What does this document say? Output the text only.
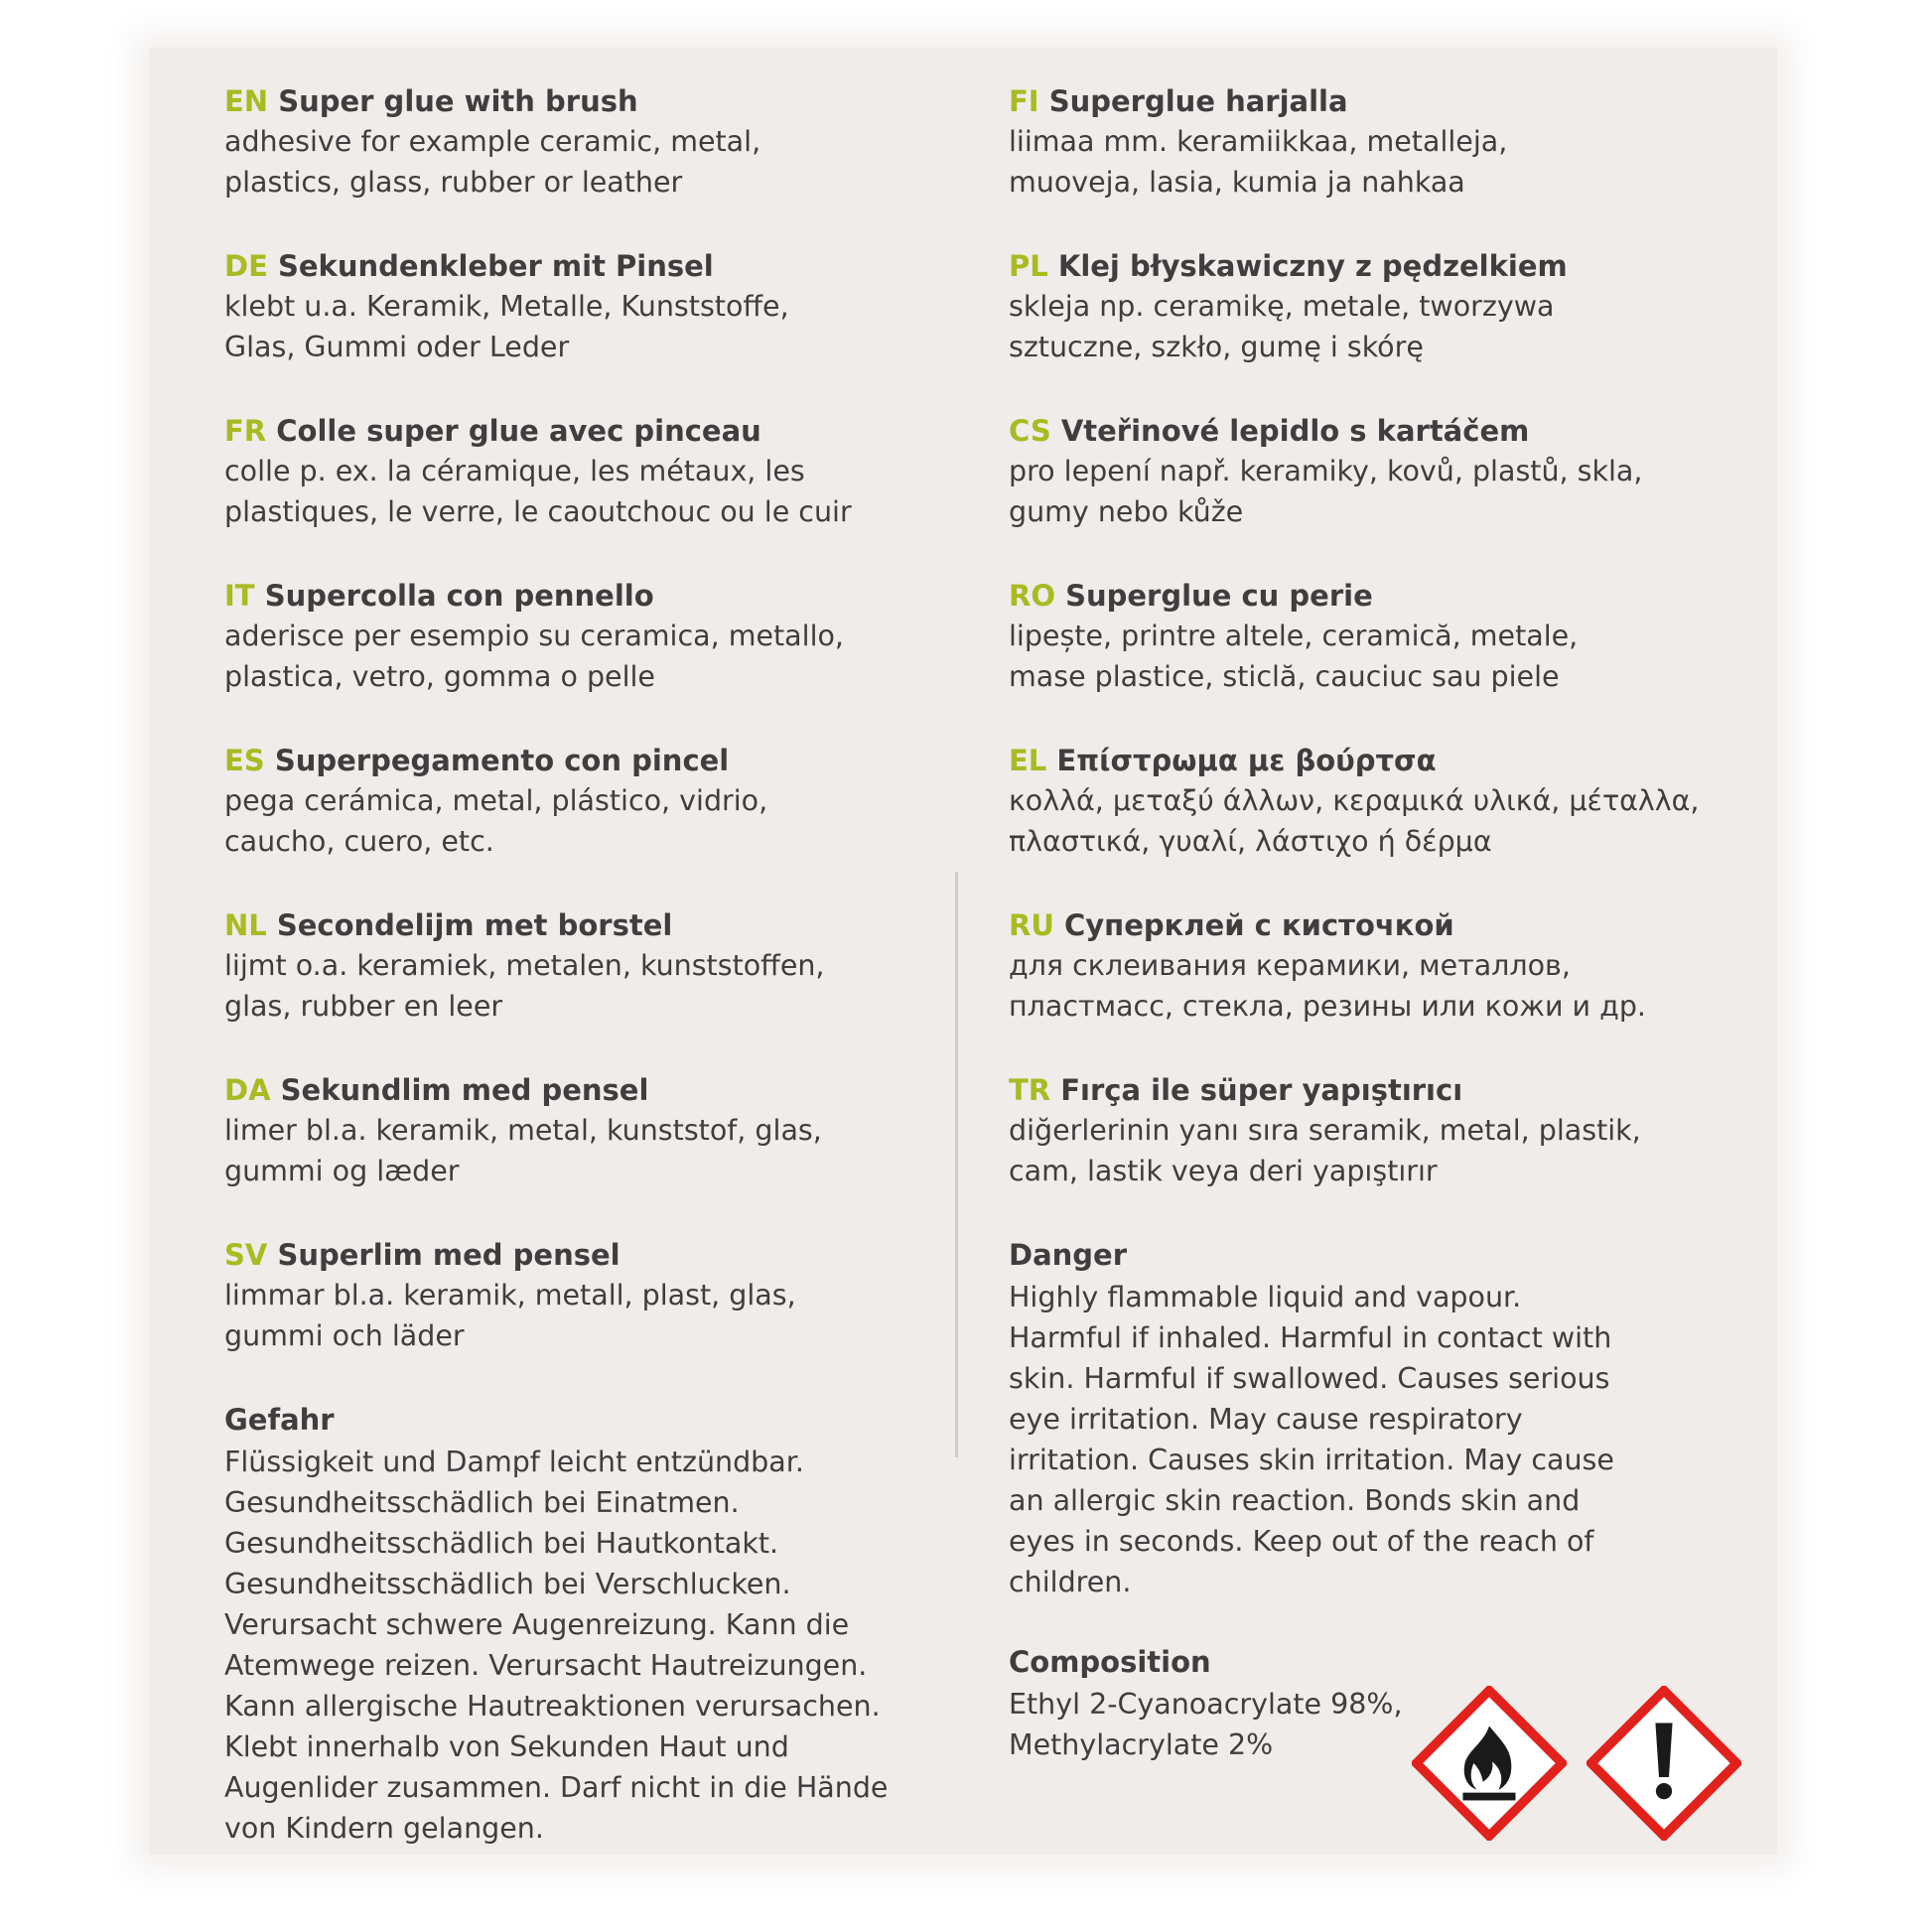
EN Super glue with brush
adhesive for example ceramic, metal,
plastics, glass, rubber or leather
DE Sekundenkleber mit Pinsel
klebt u.a. Keramik, Metalle, Kunststoffe,
Glas, Gummi oder Leder
FR Colle super glue avec pinceau
colle p. ex. la céramique, les métaux, les
plastiques, le verre, le caoutchouc ou le cuir
IT Supercolla con pennello
aderisce per esempio su ceramica, metallo,
plastica, vetro, gomma o pelle
ES Superpegamento con pincel
pega cerámica, metal, plástico, vidrio,
caucho, cuero, etc.
NL Secondelijm met borstel
lijmt o.a. keramiek, metalen, kunststoffen,
glas, rubber en leer
DA Sekundlim med pensel
limer bl.a. keramik, metal, kunststof, glas,
gummi og læder
SV Superlim med pensel
limmar bl.a. keramik, metall, plast, glas,
gummi och läder
Gefahr
Flüssigkeit und Dampf leicht entzündbar.
Gesundheitsschädlich bei Einatmen.
Gesundheitsschädlich bei Hautkontakt.
Gesundheitsschädlich bei Verschlucken.
Verursacht schwere Augenreizung. Kann die
Atemwege reizen. Verursacht Hautreizungen.
Kann allergische Hautreaktionen verursachen.
Klebt innerhalb von Sekunden Haut und
Augenlider zusammen. Darf nicht in die Hände
von Kindern gelangen.
FI Superglue harjalla
liimaa mm. keramiikkaa, metalleja,
muoveja, lasia, kumia ja nahkaa
PL Klej błyskawiczny z pędzelkiem
skleja np. ceramikę, metale, tworzywa
sztuczne, szkło, gumę i skórę
CS Vteřinové lepidlo s kartáčem
pro lepení např. keramiky, kovů, plastů, skla,
gumy nebo kůže
RO Superglue cu perie
lipește, printre altele, ceramică, metale,
mase plastice, sticlă, cauciuc sau piele
EL Επίστρωμα με βούρτσα
κολλά, μεταξύ άλλων, κεραμικά υλικά, μέταλλα,
πλαστικά, γυαλί, λάστιχο ή δέρμα
RU Суперклей с кисточкой
для склеивания керамики, металлов,
пластмасс, стекла, резины или кожи и др.
TR Fırça ile süper yapıştırıcı
diğerlerinin yanı sıra seramik, metal, plastik,
cam, lastik veya deri yapıştırır
Danger
Highly flammable liquid and vapour.
Harmful if inhaled. Harmful in contact with
skin. Harmful if swallowed. Causes serious
eye irritation. May cause respiratory
irritation. Causes skin irritation. May cause
an allergic skin reaction. Bonds skin and
eyes in seconds. Keep out of the reach of
children.
Composition
Ethyl 2-Cyanoacrylate 98%,
Methylacrylate 2%
